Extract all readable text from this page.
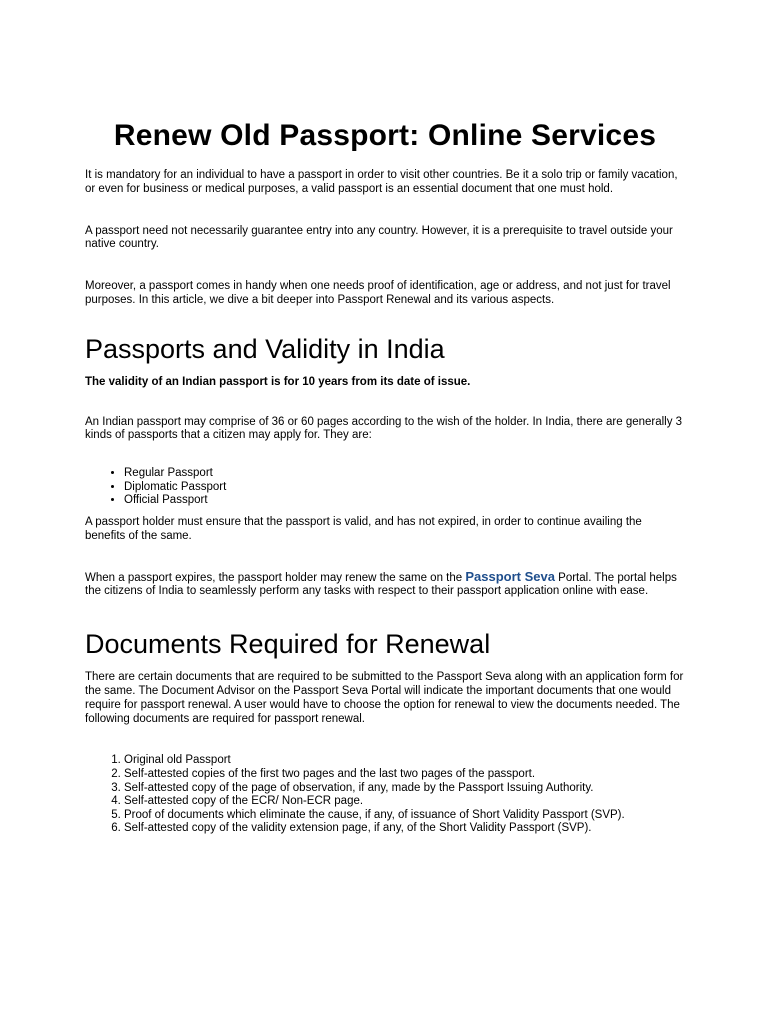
Renew Old Passport: Online Services

It is mandatory for an individual to have a passport in order to visit other countries. Be it a solo trip or family vacation, or even for business or medical purposes, a valid passport is an essential document that one must hold.

A passport need not necessarily guarantee entry into any country. However, it is a prerequisite to travel outside your native country.

Moreover, a passport comes in handy when one needs proof of identification, age or address, and not just for travel purposes. In this article, we dive a bit deeper into Passport Renewal and its various aspects.

Passports and Validity in India

The validity of an Indian passport is for 10 years from its date of issue.

An Indian passport may comprise of 36 or 60 pages according to the wish of the holder. In India, there are generally 3 kinds of passports that a citizen may apply for. They are:

• Regular Passport
• Diplomatic Passport
• Official Passport

A passport holder must ensure that the passport is valid, and has not expired, in order to continue availing the benefits of the same.

When a passport expires, the passport holder may renew the same on the Passport Seva Portal. The portal helps the citizens of India to seamlessly perform any tasks with respect to their passport application online with ease.

Documents Required for Renewal

There are certain documents that are required to be submitted to the Passport Seva along with an application form for the same. The Document Advisor on the Passport Seva Portal will indicate the important documents that one would require for passport renewal. A user would have to choose the option for renewal to view the documents needed. The following documents are required for passport renewal.

1. Original old Passport
2. Self-attested copies of the first two pages and the last two pages of the passport.
3. Self-attested copy of the page of observation, if any, made by the Passport Issuing Authority.
4. Self-attested copy of the ECR/ Non-ECR page.
5. Proof of documents which eliminate the cause, if any, of issuance of Short Validity Passport (SVP).
6. Self-attested copy of the validity extension page, if any, of the Short Validity Passport (SVP).
